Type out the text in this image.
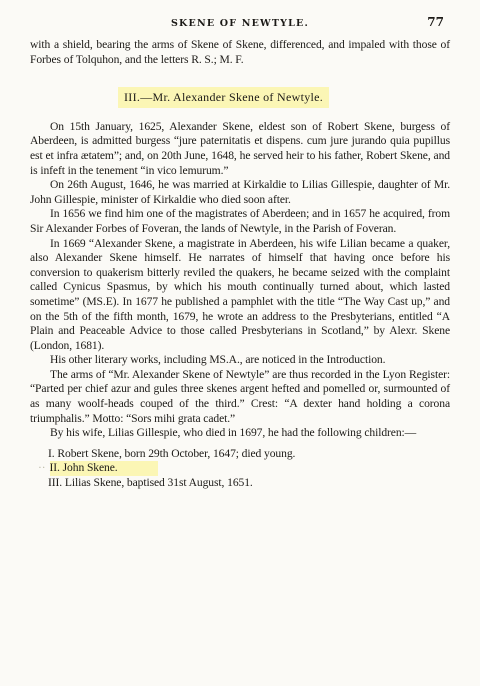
SKENE OF NEWTYLE.	77

with a shield, bearing the arms of Skene of Skene, differenced, and impaled with those of Forbes of Tolquhon, and the letters R. S.; M. F.

III.—Mr. Alexander Skene of Newtyle.

On 15th January, 1625, Alexander Skene, eldest son of Robert Skene, burgess of Aberdeen, is admitted burgess “jure paternitatis et dispens. cum jure jurando quia pupillus est et infra ætatem”; and, on 20th June, 1648, he served heir to his father, Robert Skene, and is infeft in the tenement “in vico lemurum.”

On 26th August, 1646, he was married at Kirkaldie to Lilias Gillespie, daughter of Mr. John Gillespie, minister of Kirkaldie who died soon after.

In 1656 we find him one of the magistrates of Aberdeen; and in 1657 he acquired, from Sir Alexander Forbes of Foveran, the lands of Newtyle, in the Parish of Foveran.

In 1669 “Alexander Skene, a magistrate in Aberdeen, his wife Lilian became a quaker, also Alexander Skene himself. He narrates of himself that having once before his conversion to quakerism bitterly reviled the quakers, he became seized with the complaint called Cynicus Spasmus, by which his mouth continually turned about, which lasted sometime” (MS.E). In 1677 he published a pamphlet with the title “The Way Cast up,” and on the 5th of the fifth month, 1679, he wrote an address to the Presbyterians, entitled “A Plain and Peaceable Advice to those called Presbyterians in Scotland,” by Alexr. Skene (London, 1681).

His other literary works, including MS.A., are noticed in the Introduction.

The arms of “Mr. Alexander Skene of Newtyle” are thus recorded in the Lyon Register: “Parted per chief azur and gules three skenes argent hefted and pomelled or, surmounted of as many woolf-heads couped of the third.” Crest: “A dexter hand holding a corona triumphalis.” Motto: “Sors mihi grata cadet.”

By his wife, Lilias Gillespie, who died in 1697, he had the following children:—

I. Robert Skene, born 29th October, 1647; died young.

·· II. John Skene.

III. Lilias Skene, baptised 31st August, 1651.
